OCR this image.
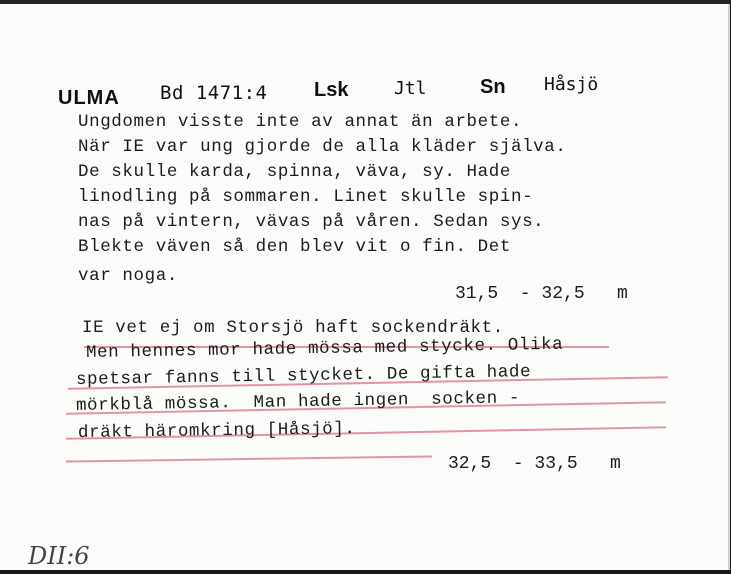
ULMA Bd 1471:4 Lsk	Jtl	Sn Håsjö

Ungdomen visste inte av annat än arbete.

När IE var ung gjorde de alla kläder själva.

De skulle karda, spinna, väva, sy. Hade

linodling på sommaren. Linet skulle spin-

nas på vintern, vävas på våren. Sedan sys.

Blekte väven så den blev vit o fin. Det

var noga.

31,5  - 32,5   m

IE vet ej om Storsjö haft sockendräkt.

Men hennes mor hade mössa med stycke. Olika

spetsar fanns till stycket. De gifta hade

mörkblå mössa.  Man hade ingen  socken -

dräkt häromkring [Håsjö].

32,5  - 33,5   m
DII:6
